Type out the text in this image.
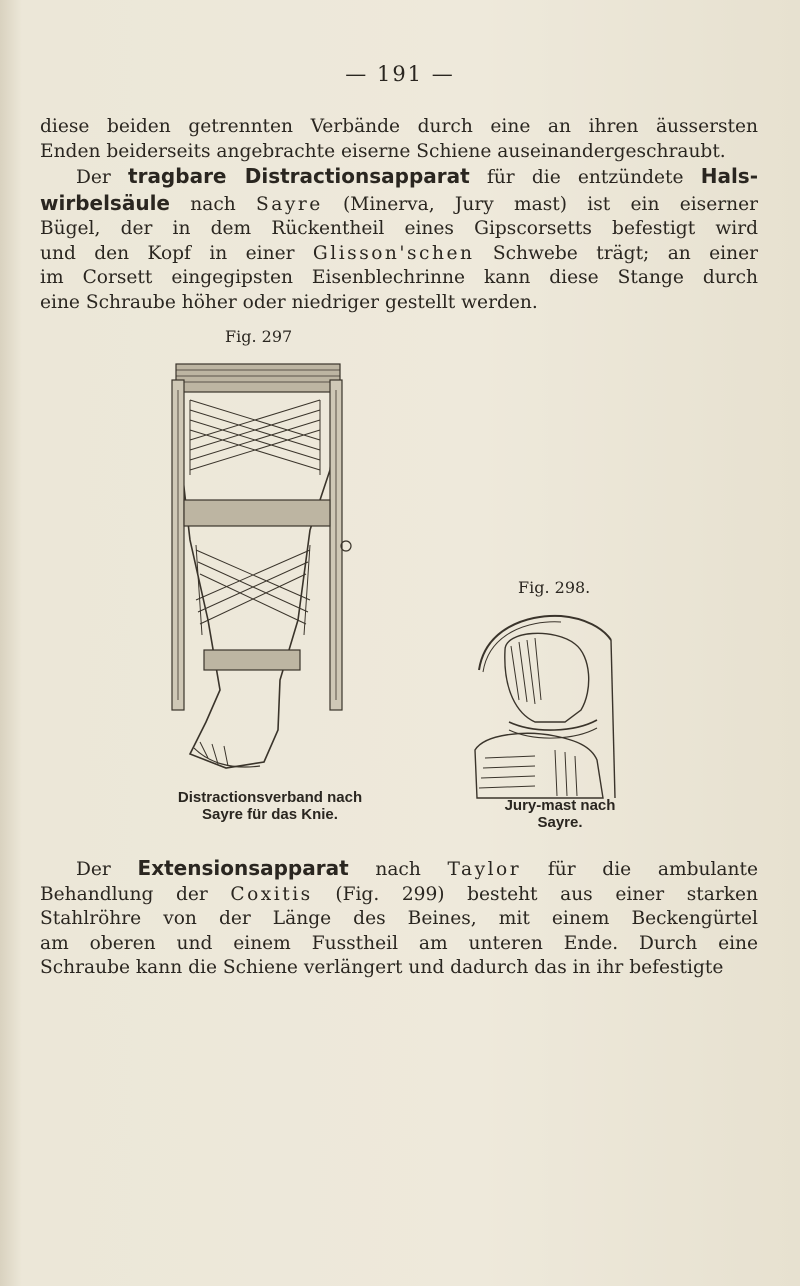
— 191 —
diese beiden getrennten Verbände durch eine an ihren äussersten
Enden beiderseits angebrachte eiserne Schiene auseinandergeschraubt.
Der tragbare Distractionsapparat für die entzündete Hals-
wirbelsäule nach Sayre (Minerva, Jury mast) ist ein eiserner
Bügel, der in dem Rückentheil eines Gipscorsetts befestigt wird
und den Kopf in einer Glisson'schen Schwebe trägt; an einer
im Corsett eingegipsten Eisenblechrinne kann diese Stange durch
eine Schraube höher oder niedriger gestellt werden.
Fig. 297
Distractionsverband nach
Sayre für das Knie.
Fig. 298.
Jury-mast nach
Sayre.
Der Extensionsapparat nach Taylor für die ambulante
Behandlung der Coxitis (Fig. 299) besteht aus einer starken
Stahlröhre von der Länge des Beines, mit einem Beckengürtel
am oberen und einem Fusstheil am unteren Ende. Durch eine
Schraube kann die Schiene verlängert und dadurch das in ihr befestigte
